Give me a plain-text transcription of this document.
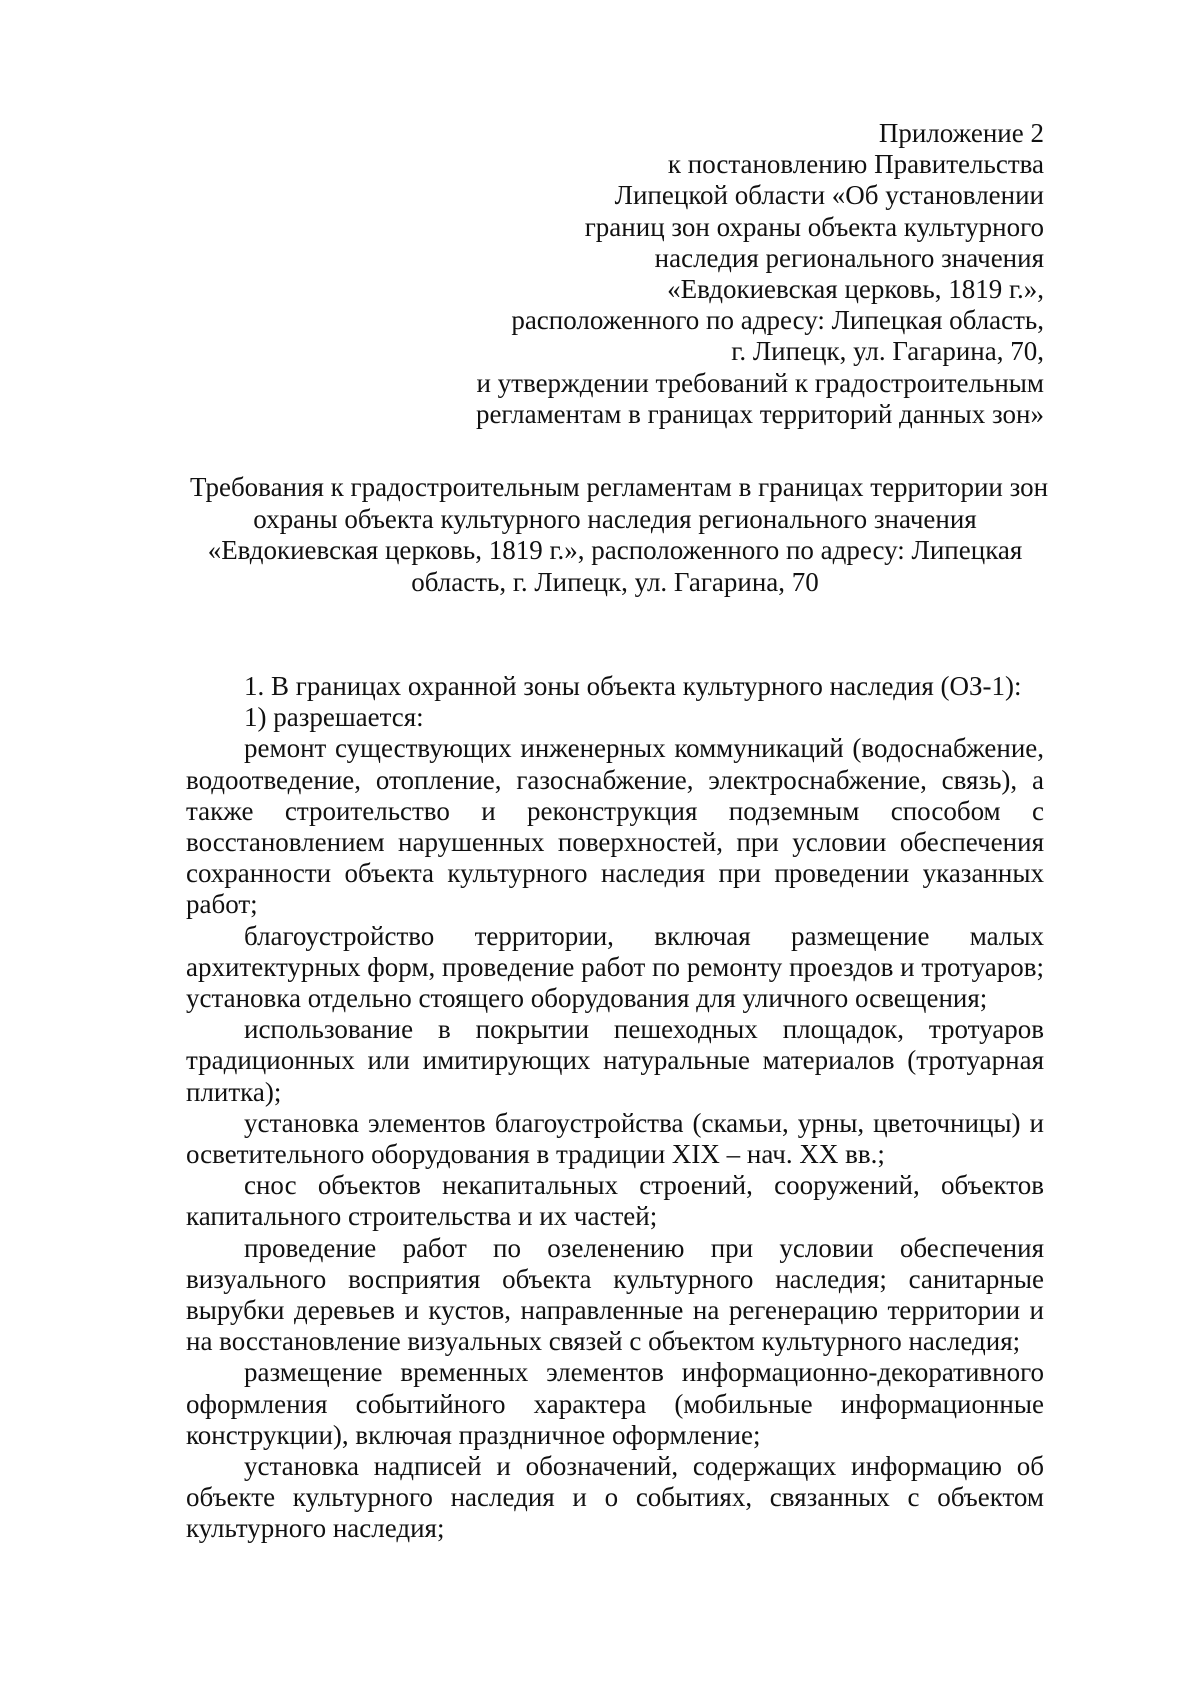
Приложение 2
к постановлению Правительства
Липецкой области «Об установлении
границ зон охраны объекта культурного
наследия регионального значения
«Евдокиевская церковь, 1819 г.»,
расположенного по адресу: Липецкая область,
г. Липецк, ул. Гагарина, 70,
и утверждении требований к градостроительным
регламентам в границах территорий данных зон»
Требования к градостроительным регламентам в границах территории зон
охраны объекта культурного наследия регионального значения
«Евдокиевская церковь, 1819 г.», расположенного по адресу: Липецкая
область, г. Липецк, ул. Гагарина, 70

1. В границах охранной зоны объекта культурного наследия (ОЗ-1):

1) разрешается:

ремонт существующих инженерных коммуникаций (водоснабжение, водоотведение, отопление, газоснабжение, электроснабжение, связь), а также строительство и реконструкция подземным способом с восстановлением нарушенных поверхностей, при условии обеспечения сохранности объекта культурного наследия при проведении указанных работ;

благоустройство территории, включая размещение малых архитектурных форм, проведение работ по ремонту проездов и тротуаров; установка отдельно стоящего оборудования для уличного освещения;

использование в покрытии пешеходных площадок, тротуаров традиционных или имитирующих натуральные материалов (тротуарная плитка);

установка элементов благоустройства (скамьи, урны, цветочницы) и осветительного оборудования в традиции XIX – нач. XX вв.;

снос объектов некапитальных строений, сооружений, объектов капитального строительства и их частей;

проведение работ по озеленению при условии обеспечения визуального восприятия объекта культурного наследия; санитарные вырубки деревьев и кустов, направленные на регенерацию территории и на восстановление визуальных связей с объектом культурного наследия;

размещение временных элементов информационно-декоративного оформления событийного характера (мобильные информационные конструкции), включая праздничное оформление;

установка надписей и обозначений, содержащих информацию об объекте культурного наследия и о событиях, связанных с объектом культурного наследия;
